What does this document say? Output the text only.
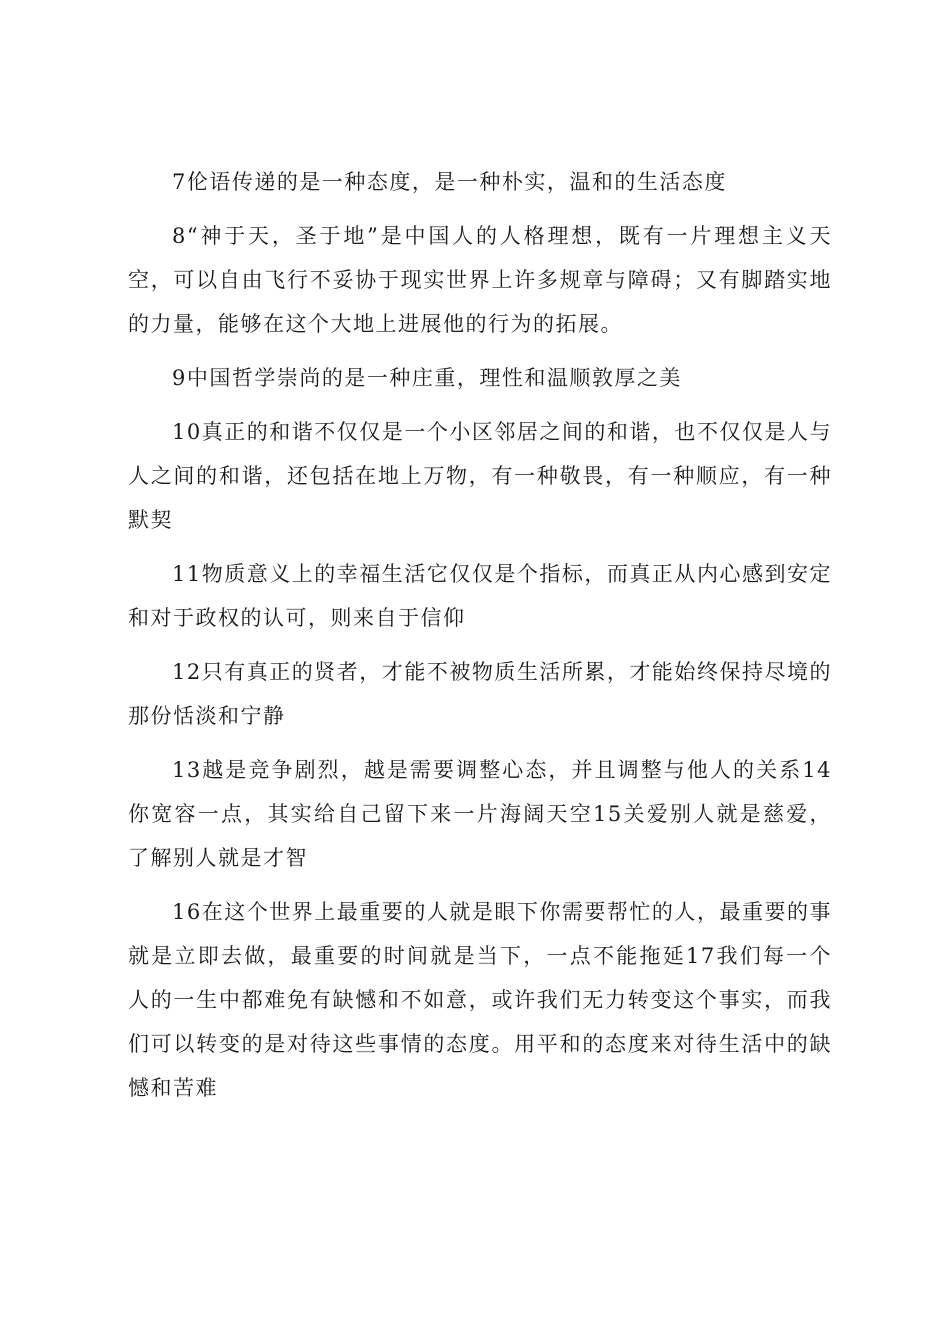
7伦语传递的是一种态度，是一种朴实，温和的生活态度

8“神于天，圣于地”是中国人的人格理想，既有一片理想主义天空，可以自由飞行不妥协于现实世界上许多规章与障碍；又有脚踏实地的力量，能够在这个大地上进展他的行为的拓展。

9中国哲学崇尚的是一种庄重，理性和温顺敦厚之美

10真正的和谐不仅仅是一个小区邻居之间的和谐，也不仅仅是人与人之间的和谐，还包括在地上万物，有一种敬畏，有一种顺应，有一种默契

11物质意义上的幸福生活它仅仅是个指标，而真正从内心感到安定和对于政权的认可，则来自于信仰

12只有真正的贤者，才能不被物质生活所累，才能始终保持尽境的那份恬淡和宁静

13越是竞争剧烈，越是需要调整心态，并且调整与他人的关系14你宽容一点，其实给自己留下来一片海阔天空15关爱别人就是慈爱，了解别人就是才智

16在这个世界上最重要的人就是眼下你需要帮忙的人，最重要的事就是立即去做，最重要的时间就是当下，一点不能拖延17我们每一个人的一生中都难免有缺憾和不如意，或许我们无力转变这个事实，而我们可以转变的是对待这些事情的态度。用平和的态度来对待生活中的缺憾和苦难
